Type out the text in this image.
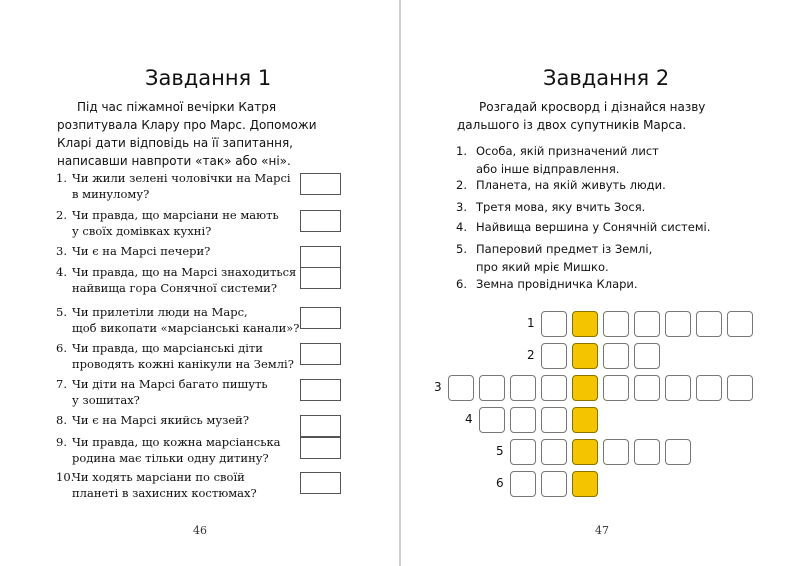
Завдання 1

Під час піжамної вечірки Катря розпитувала Клару про Марс. Допоможи Кларі дати відповідь на її запитання, написавши навпроти «так» або «ні».

1. Чи жили зелені чоловічки на Марсі
в минулому?
2. Чи правда, що марсіани не мають
у своїх домівках кухні?
3. Чи є на Марсі печери?
4. Чи правда, що на Марсі знаходиться
найвища гора Сонячної системи?
5. Чи прилетіли люди на Марс,
щоб викопати «марсіанські канали»?
6. Чи правда, що марсіанські діти
проводять кожні канікули на Землі?
7. Чи діти на Марсі багато пишуть
у зошитах?
8. Чи є на Марсі якийсь музей?
9. Чи правда, що кожна марсіанська
родина має тільки одну дитину?
10.
Чи ходять марсіани по своїй
планеті в захисних костюмах?
46
Завдання 2

Розгадай кросворд і дізнайся назву дальшого із двох супутників Марса.

47
1. Особа, якій призначений лист
або інше відправлення.
2. Планета, на якій живуть люди.
3. Третя мова, яку вчить Зося.
4. Найвища вершина у Сонячній системі.
5. Паперовий предмет із Землі,
про який мріє Мишко.
6. Земна провідничка Клари.
1
2
3
4
5
6
